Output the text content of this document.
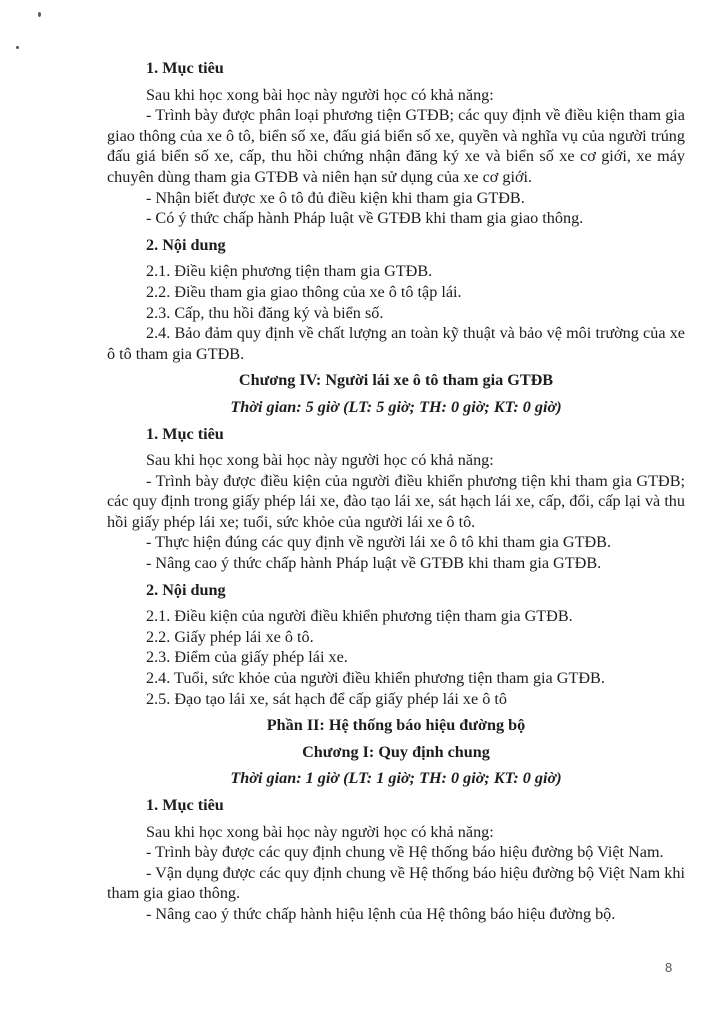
1. Mục tiêu

Sau khi học xong bài học này người học có khả năng:

- Trình bày được phân loại phương tiện GTĐB; các quy định về điều kiện tham gia giao thông của xe ô tô, biển số xe, đấu giá biển số xe, quyền và nghĩa vụ của người trúng đấu giá biển số xe, cấp, thu hồi chứng nhận đăng ký xe và biển số xe cơ giới, xe máy chuyên dùng tham gia GTĐB và niên hạn sử dụng của xe cơ giới.

- Nhận biết được xe ô tô đủ điều kiện khi tham gia GTĐB.

- Có ý thức chấp hành Pháp luật về GTĐB khi tham gia giao thông.

2. Nội dung

2.1. Điều kiện phương tiện tham gia GTĐB.

2.2. Điều tham gia giao thông của xe ô tô tập lái.

2.3. Cấp, thu hồi đăng ký và biển số.

2.4. Bảo đảm quy định về chất lượng an toàn kỹ thuật và bảo vệ môi trường của xe ô tô tham gia GTĐB.

Chương IV: Người lái xe ô tô tham gia GTĐB

Thời gian: 5 giờ (LT: 5 giờ; TH: 0 giờ; KT: 0 giờ)

1. Mục tiêu

Sau khi học xong bài học này người học có khả năng:

- Trình bày được điều kiện của người điều khiển phương tiện khi tham gia GTĐB; các quy định trong giấy phép lái xe, đào tạo lái xe, sát hạch lái xe, cấp, đổi, cấp lại và thu hồi giấy phép lái xe; tuổi, sức khỏe của người lái xe ô tô.

- Thực hiện đúng các quy định về người lái xe ô tô khi tham gia GTĐB.

- Nâng cao ý thức chấp hành Pháp luật về GTĐB khi tham gia GTĐB.

2. Nội dung

2.1. Điều kiện của người điều khiển phương tiện tham gia GTĐB.

2.2. Giấy phép lái xe ô tô.

2.3. Điểm của giấy phép lái xe.

2.4. Tuổi, sức khỏe của người điều khiển phương tiện tham gia GTĐB.

2.5. Đạo tạo lái xe, sát hạch để cấp giấy phép lái xe ô tô

Phần II: Hệ thống báo hiệu đường bộ

Chương I: Quy định chung

Thời gian: 1 giờ (LT: 1 giờ; TH: 0 giờ; KT: 0 giờ)

1. Mục tiêu

Sau khi học xong bài học này người học có khả năng:

- Trình bày được các quy định chung về Hệ thống báo hiệu đường bộ Việt Nam.

- Vận dụng được các quy định chung về Hệ thống báo hiệu đường bộ Việt Nam khi tham gia giao thông.

- Nâng cao ý thức chấp hành hiệu lệnh của Hệ thông báo hiệu đường bộ.

8
